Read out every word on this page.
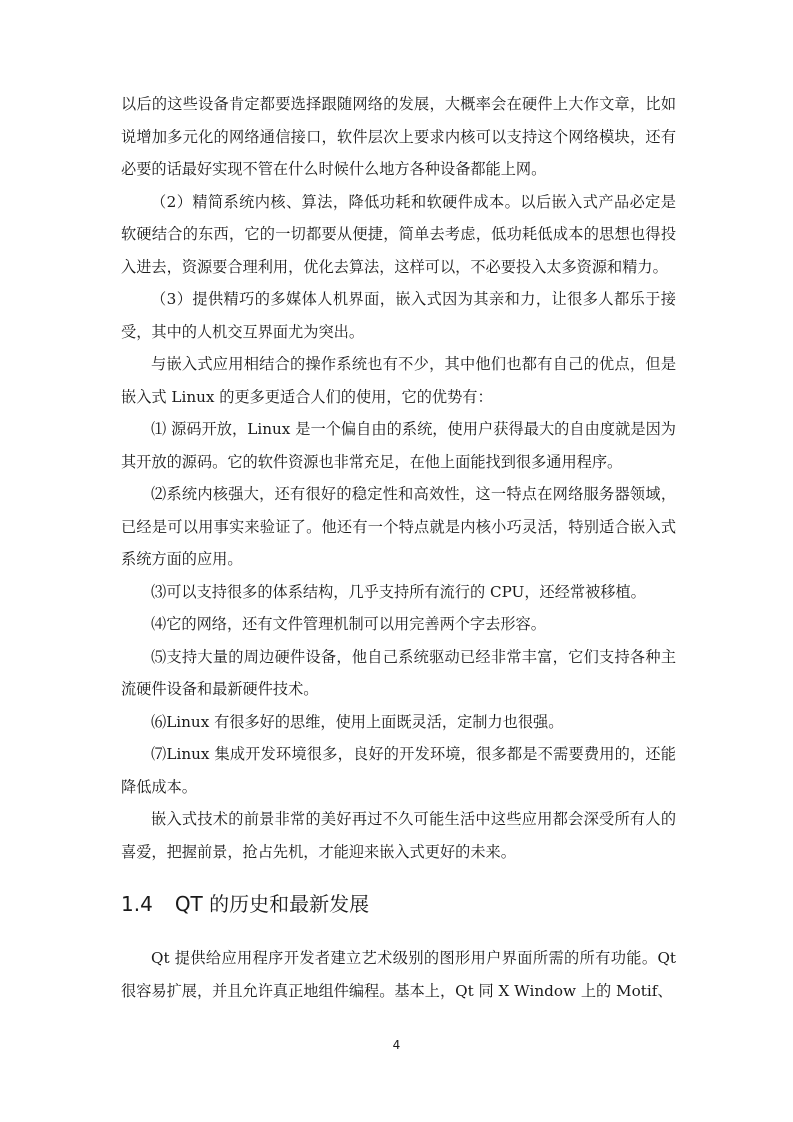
以后的这些设备肯定都要选择跟随网络的发展，大概率会在硬件上大作文章，比如说增加多元化的网络通信接口，软件层次上要求内核可以支持这个网络模块，还有必要的话最好实现不管在什么时候什么地方各种设备都能上网。

（2）精简系统内核、算法，降低功耗和软硬件成本。以后嵌入式产品必定是软硬结合的东西，它的一切都要从便捷，简单去考虑，低功耗低成本的思想也得投入进去，资源要合理利用，优化去算法，这样可以，不必要投入太多资源和精力。

（3）提供精巧的多媒体人机界面，嵌入式因为其亲和力，让很多人都乐于接受，其中的人机交互界面尤为突出。

与嵌入式应用相结合的操作系统也有不少，其中他们也都有自己的优点，但是嵌入式 Linux 的更多更适合人们的使用，它的优势有：

⑴ 源码开放，Linux 是一个偏自由的系统，使用户获得最大的自由度就是因为其开放的源码。它的软件资源也非常充足，在他上面能找到很多通用程序。

⑵系统内核强大，还有很好的稳定性和高效性，这一特点在网络服务器领域，已经是可以用事实来验证了。他还有一个特点就是内核小巧灵活，特别适合嵌入式系统方面的应用。

⑶可以支持很多的体系结构，几乎支持所有流行的 CPU，还经常被移植。

⑷它的网络，还有文件管理机制可以用完善两个字去形容。

⑸支持大量的周边硬件设备，他自己系统驱动已经非常丰富，它们支持各种主流硬件设备和最新硬件技术。

⑹Linux 有很多好的思维，使用上面既灵活，定制力也很强。

⑺Linux 集成开发环境很多，良好的开发环境，很多都是不需要费用的，还能降低成本。

嵌入式技术的前景非常的美好再过不久可能生活中这些应用都会深受所有人的喜爱，把握前景，抢占先机，才能迎来嵌入式更好的未来。

1.4 QT 的历史和最新发展

Qt 提供给应用程序开发者建立艺术级别的图形用户界面所需的所有功能。Qt 很容易扩展，并且允许真正地组件编程。基本上，Qt 同 X Window 上的 Motif、

4
